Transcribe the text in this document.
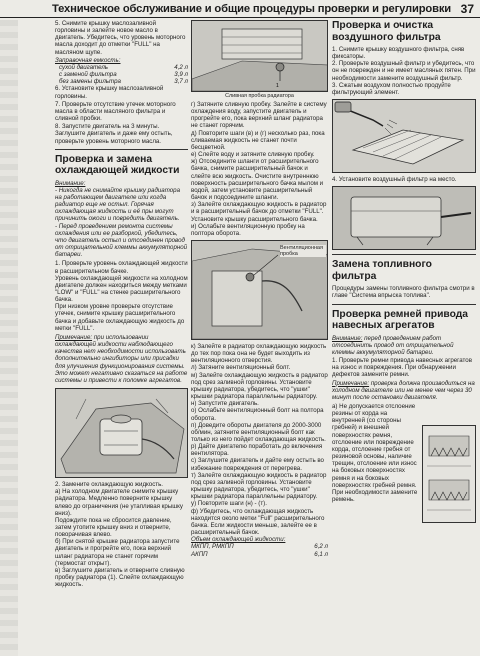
Техническое обслуживание и общие процедуры проверки и регулировки 37

5. Снимите крышку маслозаливной горловины и залейте новое масло в двигатель. Убедитесь, что уровень моторного масла доходит до отметки "FULL" на масляном щупе.

Заправочная емкость:

сухой двигатель	4,2 л
с заменой фильтра	3,9 л
без замены фильтра	3,7 л

6. Установите крышку маслозаливной горловины.

7. Проверьте отсутствие утечек моторного масла в области масляного фильтра и сливной пробки.

8. Запустите двигатель на 3 минуты. Заглушите двигатель и даже ему остыть, проверьте уровень моторного масла.

Проверка и замена охлаждающей жидкости

Внимание:

- Никогда не снимайте крышку радиатора на работающем двигателе или когда радиатор еще не остыл. Горячая охлаждающая жидкость и её пры могут причинить ожоги и повредить двигатель.
- Перед проведением ремонта системы охлаждения или ее разборкой, убедитесь, что двигатель остыл и отсоединен провод от отрицательной клеммы аккумуляторной батареи.

1. Проверьте уровень охлаждающей жидкости в расширительном бачке.
Уровень охлаждающей жидкости на холодном двигателе должен находиться между метками "LOW" и "FULL" на стенке расширительного бачка.
При низком уровне проверьте отсутствие утечек, снимите крышку расширительного бачка и добавьте охлаждающую жидкость до метки "FULL".

Примечание: при использовании охлаждающей жидкости наблюдающего качества нет необходимости использовать дополнительно ингибиторы или присадки для улучшения функционирования системы. Это может негативно сказаться на работе системы и привести к поломке агрегатов.

2. Замените охлаждающую жидкость.
а) На холодном двигателе снимите крышку радиатора. Медленно поверните крышку влево до ограничения (не утапливая крышку вниз).
Подождите пока не сбросится давление, затем утопите крышку вниз и отверните, поворачивая влево.
б) При снятой крышке радиатора запустите двигатель и прогрейте его, пока верхний шланг радиатора не станет горячим (термостат открыт).
в) Заглушите двигатель и отверните сливную пробку радиатора (1). Слейте охлаждающую жидкость.

1

Сливная пробка радиатора

г) Затяните сливную пробку. Залейте в систему охлаждения воду, запустите двигатель и прогрейте его, пока верхний шланг радиатора не станет горячим.
д) Повторите шаги (в) и (г) несколько раз, пока сливаемая жидкость не станет почти бесцветной.
е) Слейте воду и затяните сливную пробку.
ж) Отсоедините шланги от расширительного бачка, снимите расширительный бачок и слейте всю жидкость. Очистите внутреннюю поверхность расширительного бачка мылом и водой, затем установите расширительный бачок и подсоедините шланги.
з) Залейте охлаждающую жидкость в радиатор и в расширительный бачок до отметки "FULL". Установите крышку расширительного бачка.
и) Ослабьте вентиляционную пробку на полтора оборота.

Вентиляционная пробка

к) Залейте в радиатор охлаждающую жидкость до тех пор пока она не будет выходить из вентиляционного отверстия.
л) Затяните вентиляционный болт.
м) Залейте охлаждающую жидкость в радиатор под срез заливной горловины. Установите крышку радиатора, убедитесь, что "ушки" крышки радиатора параллельны радиатору.
н) Запустите двигатель.
о) Ослабьте вентиляционный болт на полтора оборота.
п) Доведите обороты двигателя до 2000-3000 об/мин, затяните вентиляционный болт как только из него пойдет охлаждающая жидкость.
р) Дайте двигателю поработать до включения вентилятора.
с) Заглушите двигатель и дайте ему остыть во избежание повреждения от перегрева.
т) Залейте охлаждающую жидкость в радиатор под срез заливной горловины. Установите крышку радиатора, убедитесь, что "ушки" крышки радиатора параллельны радиатору.
у) Повторите шаги (н) - (т).
ф) Убедитесь, что охлаждающая жидкость находится около метки "Full" расширительного бачка. Если жидкости меньше, залейте ее в расширительный бачок.

Объем охлаждающей жидкости:

МКПП, РМКПП	6,2 л
АКПП	6,1 л
Проверка и очистка воздушного фильтра

1. Снимите крышку воздушного фильтра, сняв фиксаторы.
2. Проверьте воздушный фильтр и убедитесь, что он не поврежден и не имеет масляных пятен. При необходимости замените воздушный фильтр.
3. Сжатым воздухом полностью продуйте фильтрующий элемент.

4. Установите воздушный фильтр на место.

Замена топливного фильтра

Процедуры замены топливного фильтра смотри в главе "Система впрыска топлива".

Проверка ремней привода навесных агрегатов

Внимание: перед проведением работ отсоединить провод от отрицательной клеммы аккумуляторной батареи.

1. Проверьте ремни привода навесных агрегатов на износ и повреждения. При обнаружении дефектов замените ремни.

Примечание: проверка должна производиться на холодном двигателе или не менее чем через 30 минут после остановки двигателя.

а) Не допускается отслоение резины от корда на внутренней (со стороны гребней) и внешней поверхностях ремня, отслоение или повреждение корда, отслоение гребня от резиновой основы, наличие трещин, отслоение или износ на боковых поверхностях ремня и на боковых поверхностях гребней ремня. При необходимости замените ремень.
